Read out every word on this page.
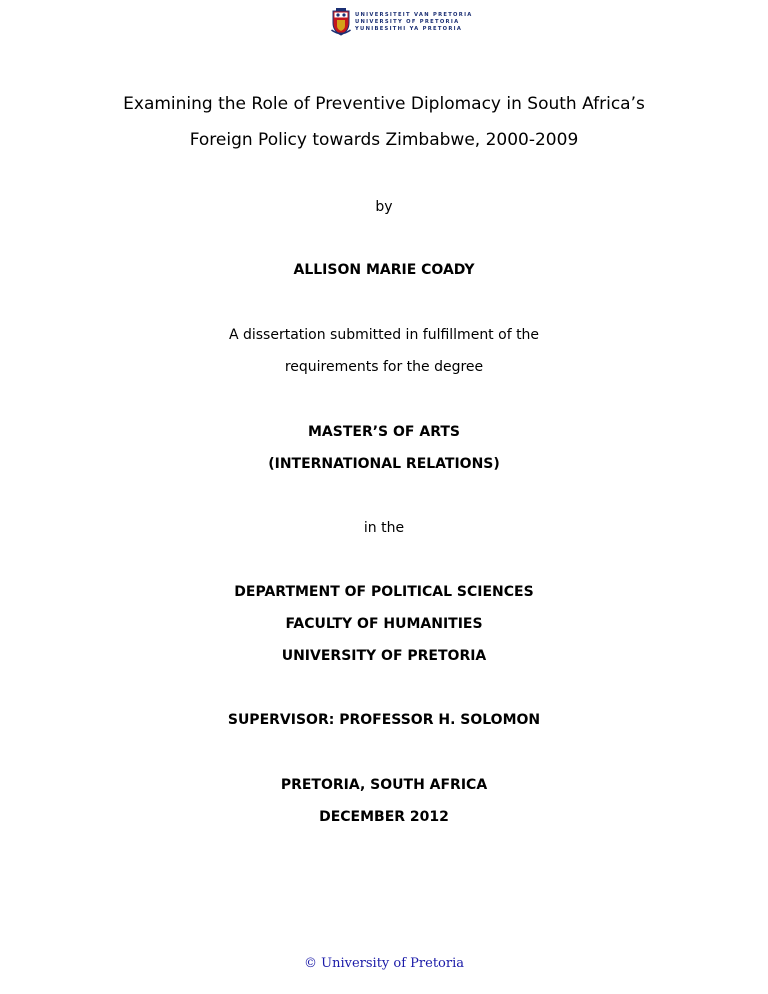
UNIVERSITEIT VAN PRETORIA
UNIVERSITY OF PRETORIA
YUNIBESITHI YA PRETORIA
Examining the Role of Preventive Diplomacy in South Africa’s
Foreign Policy towards Zimbabwe, 2000-2009
by
ALLISON MARIE COADY
A dissertation submitted in fulfillment of the
requirements for the degree
MASTER’S OF ARTS
(INTERNATIONAL RELATIONS)
in the
DEPARTMENT OF POLITICAL SCIENCES
FACULTY OF HUMANITIES
UNIVERSITY OF PRETORIA
SUPERVISOR: PROFESSOR H. SOLOMON
PRETORIA, SOUTH AFRICA
DECEMBER 2012
© University of Pretoria
